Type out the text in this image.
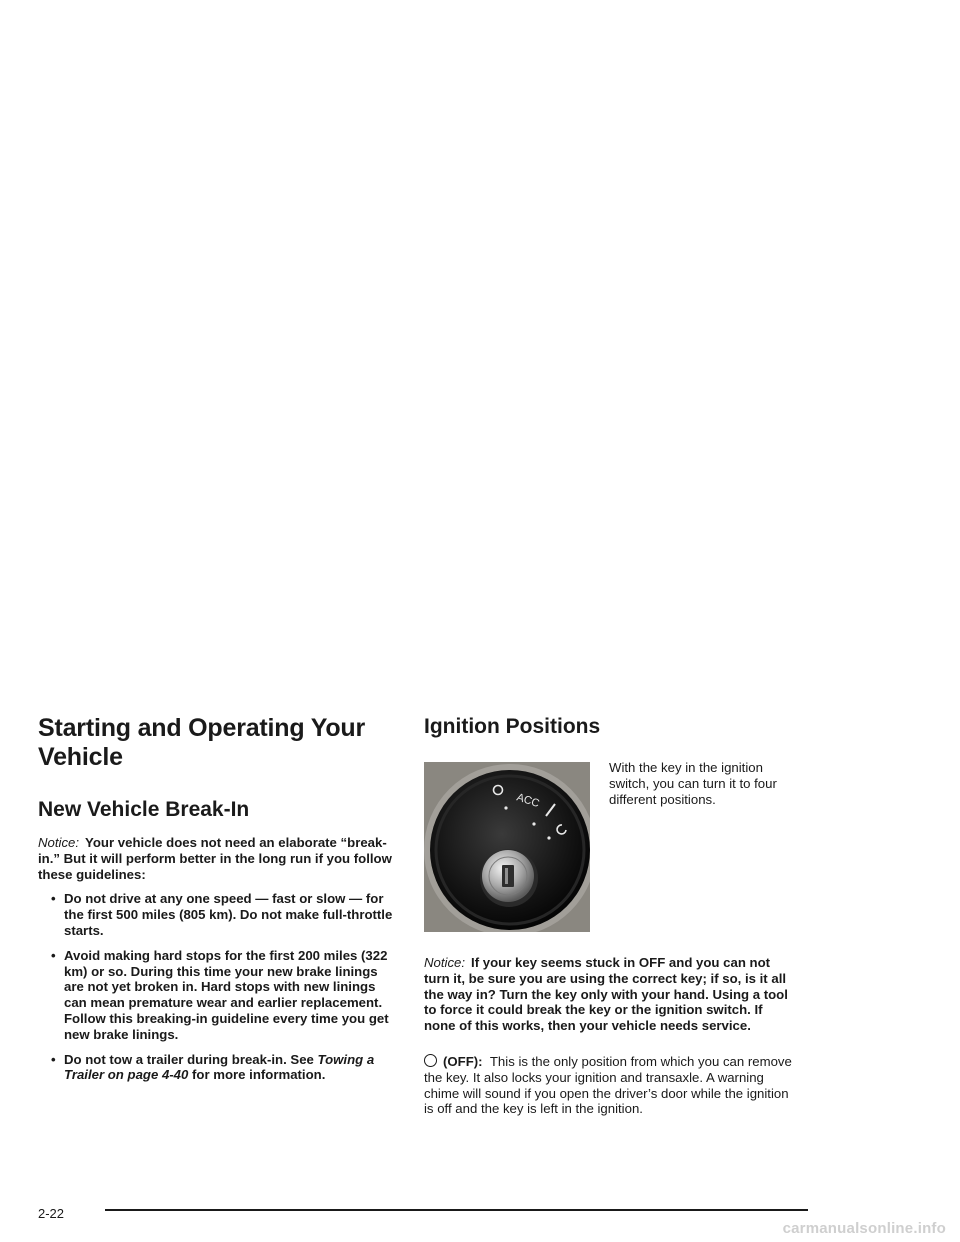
Starting and Operating Your Vehicle
New Vehicle Break-In
Notice: Your vehicle does not need an elaborate “break-in.” But it will perform better in the long run if you follow these guidelines:
• Do not drive at any one speed — fast or slow — for the first 500 miles (805 km). Do not make full-throttle starts.
• Avoid making hard stops for the first 200 miles (322 km) or so. During this time your new brake linings are not yet broken in. Hard stops with new linings can mean premature wear and earlier replacement. Follow this breaking-in guideline every time you get new brake linings.
• Do not tow a trailer during break-in. See Towing a Trailer on page 4-40 for more information.
Ignition Positions
ACC
With the key in the ignition switch, you can turn it to four different positions.
Notice: If your key seems stuck in OFF and you can not turn it, be sure you are using the correct key; if so, is it all the way in? Turn the key only with your hand. Using a tool to force it could break the key or the ignition switch. If none of this works, then your vehicle needs service.
(OFF): This is the only position from which you can remove the key. It also locks your ignition and transaxle. A warning chime will sound if you open the driver’s door while the ignition is off and the key is left in the ignition.
2-22
carmanualsonline.info
